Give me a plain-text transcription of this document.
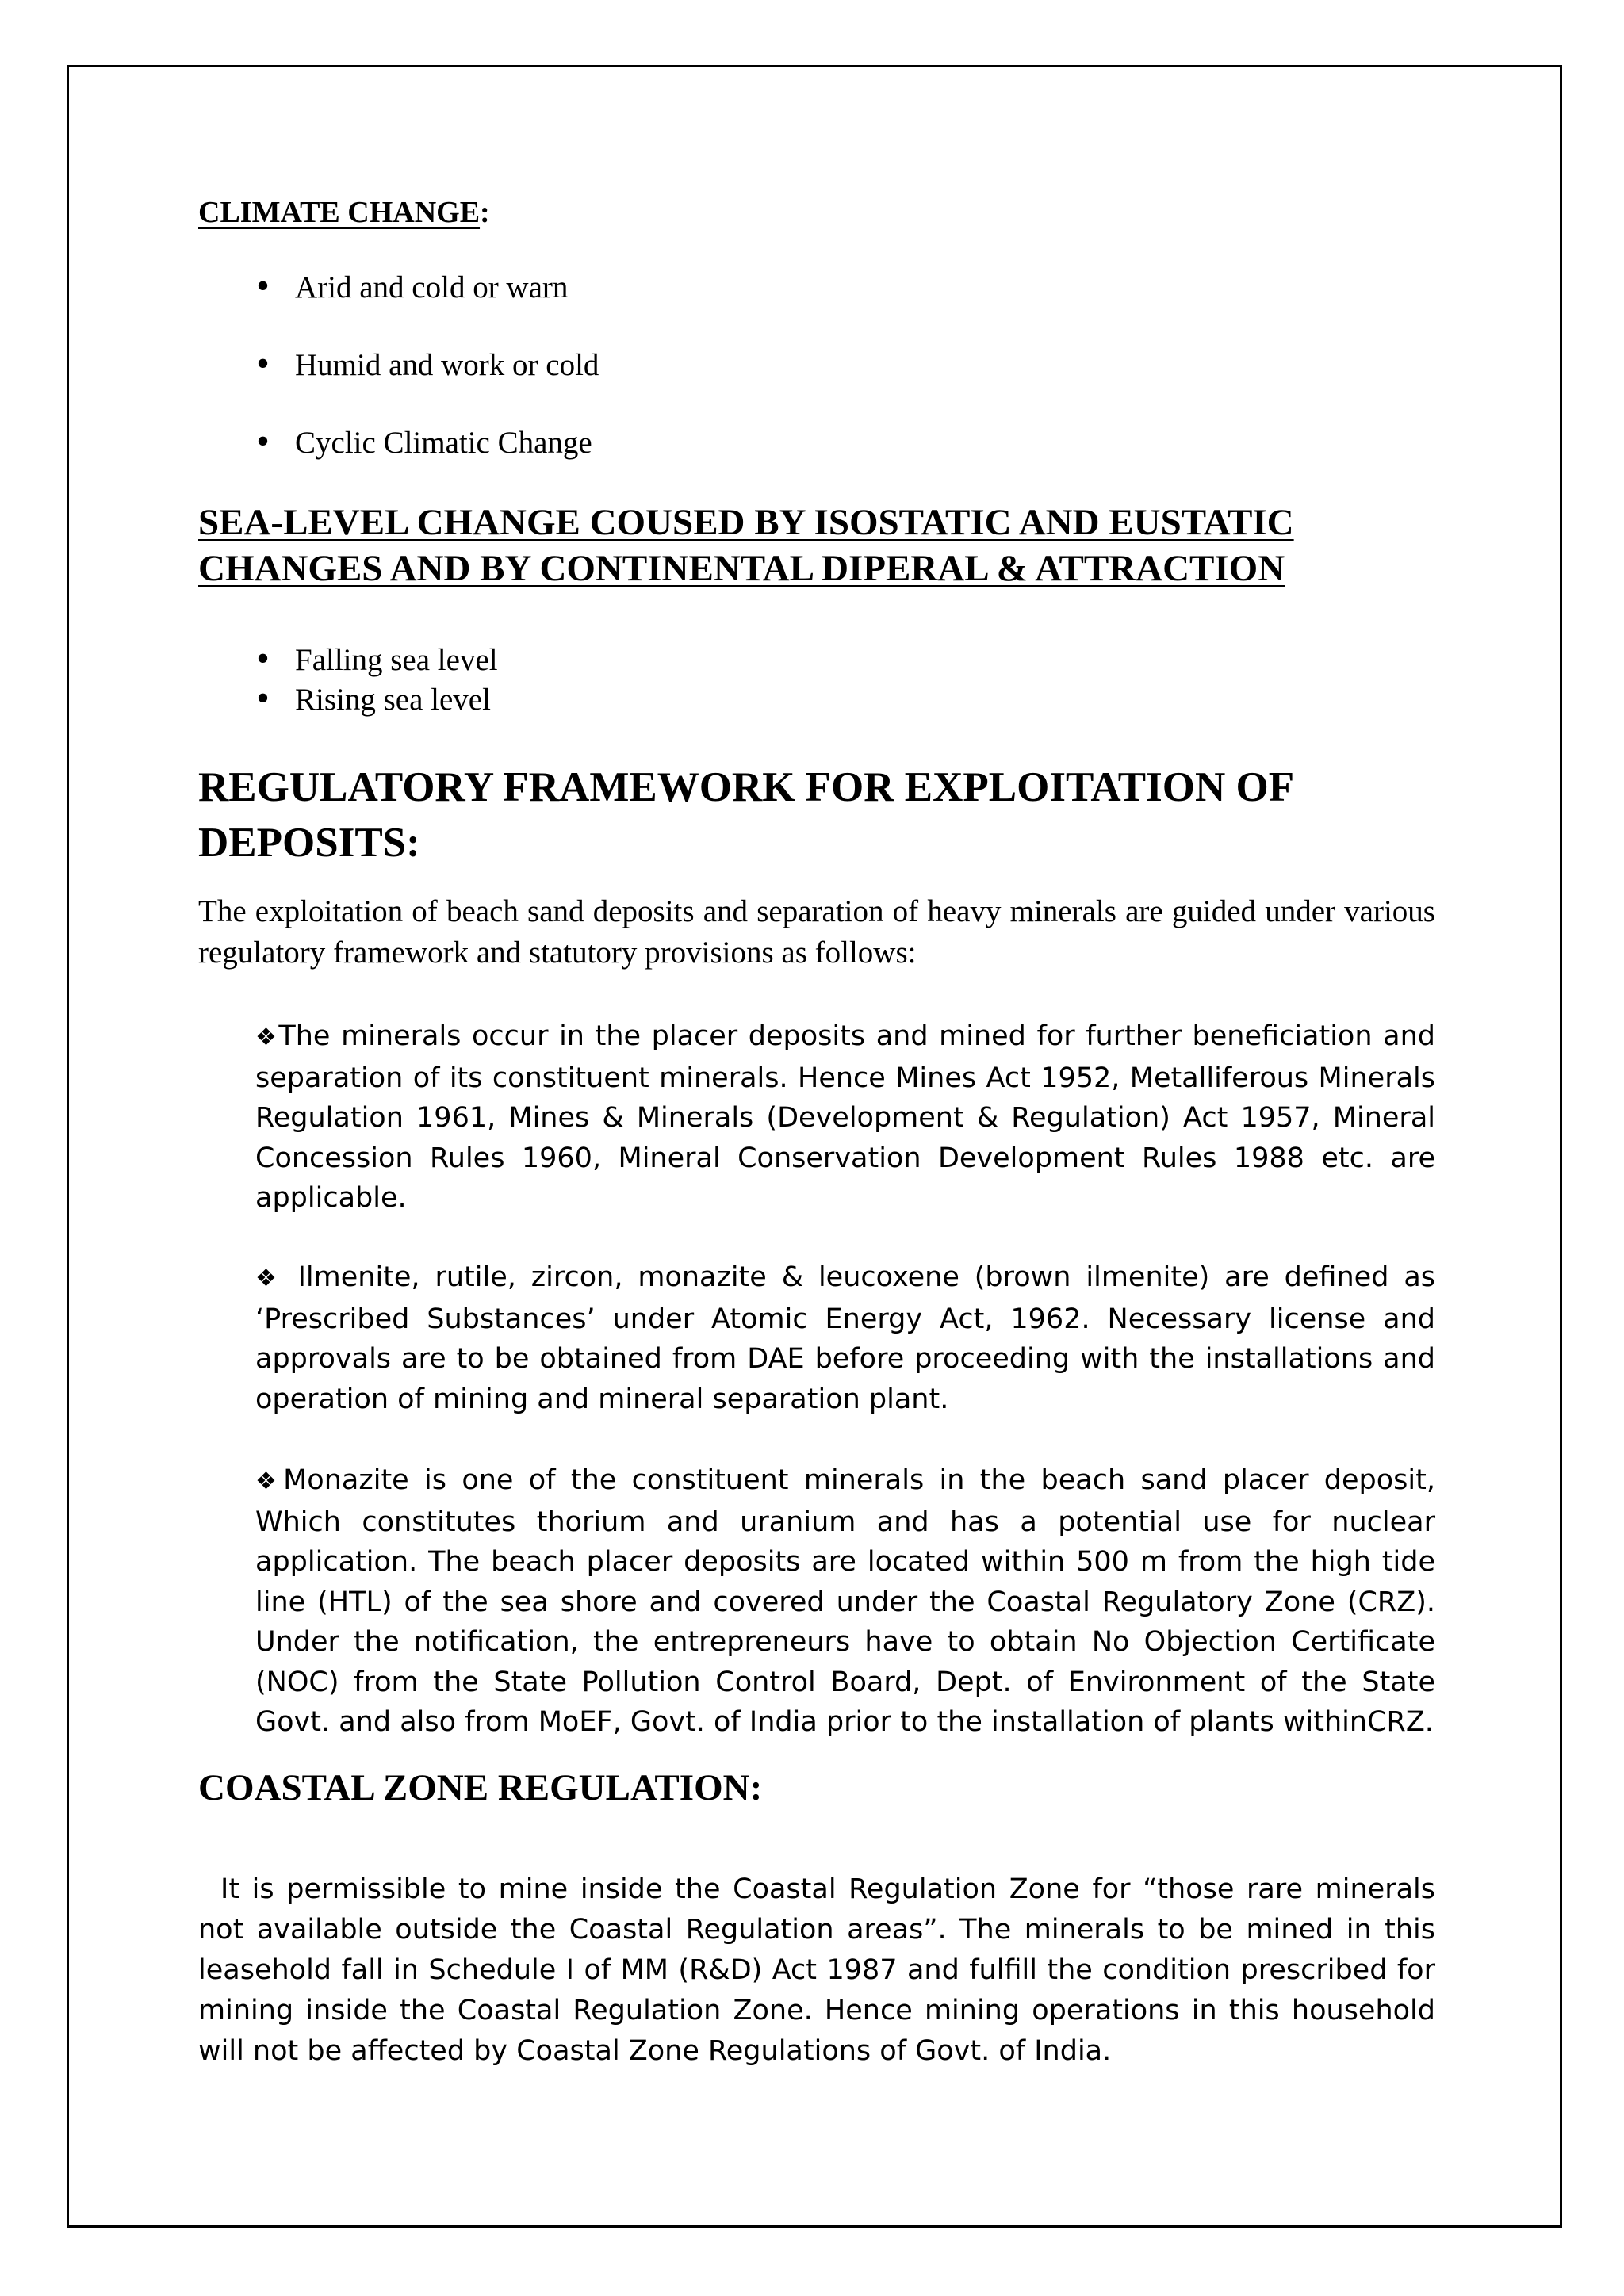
CLIMATE CHANGE:

• Arid and cold or warn
• Humid and work or cold
• Cyclic Climatic Change
SEA-LEVEL CHANGE COUSED BY ISOSTATIC AND EUSTATIC
CHANGES AND BY CONTINENTAL DIPERAL & ATTRACTION
• Falling sea level
• Rising sea level

REGULATORY FRAMEWORK FOR EXPLOITATION OF DEPOSITS:

The exploitation of beach sand deposits and separation of heavy minerals are guided under various regulatory framework and statutory provisions as follows:

❖The minerals occur in the placer deposits and mined for further beneficiation and separation of its constituent minerals. Hence Mines Act 1952, Metalliferous Minerals Regulation 1961, Mines & Minerals (Development & Regulation) Act 1957, Mineral Concession Rules 1960, Mineral Conservation Development Rules 1988 etc. are applicable.

❖ Ilmenite, rutile, zircon, monazite & leucoxene (brown ilmenite) are defined as ‘Prescribed Substances’ under Atomic Energy Act, 1962. Necessary license and approvals are to be obtained from DAE before proceeding with the installations and operation of mining and mineral separation plant.

❖Monazite is one of the constituent minerals in the beach sand placer deposit, Which constitutes thorium and uranium and has a potential use for nuclear application. The beach placer deposits are located within 500 m from the high tide line (HTL) of the sea shore and covered under the Coastal Regulatory Zone (CRZ). Under the notification, the entrepreneurs have to obtain No Objection Certificate (NOC) from the State Pollution Control Board, Dept. of Environment of the State Govt. and also from MoEF, Govt. of India prior to the installation of plants withinCRZ.

COASTAL ZONE REGULATION:

It is permissible to mine inside the Coastal Regulation Zone for “those rare minerals not available outside the Coastal Regulation areas”. The minerals to be mined in this leasehold fall in Schedule I of MM (R&D) Act 1987 and fulfill the condition prescribed for mining inside the Coastal Regulation Zone. Hence mining operations in this household will not be affected by Coastal Zone Regulations of Govt. of India.
